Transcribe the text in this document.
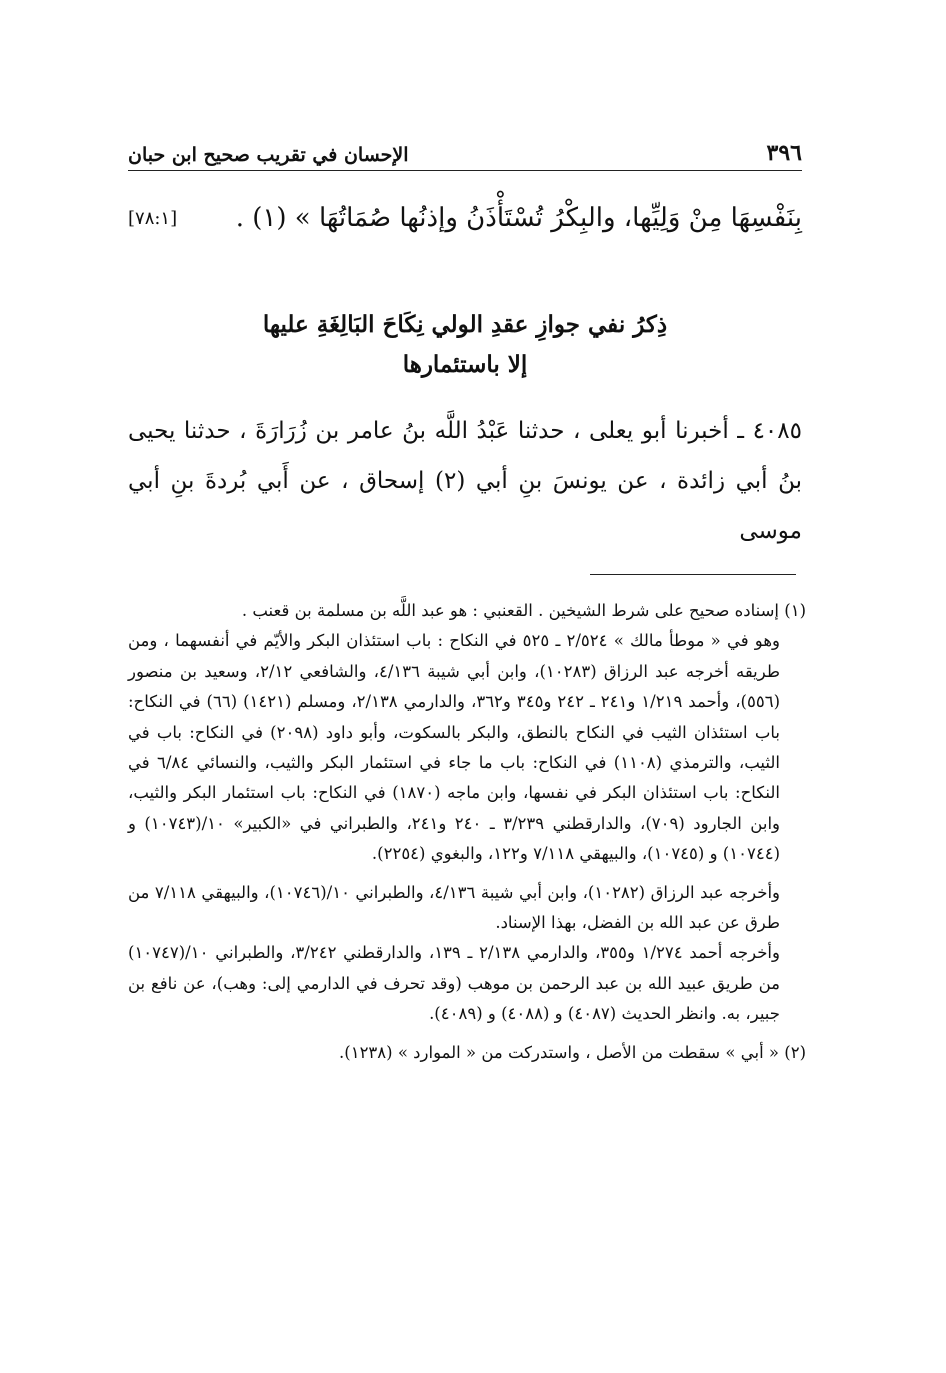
الإحسان في تقريب صحيح ابن حبان	٣٩٦
[٧٨:١] بِنَفْسِهَا مِنْ وَلِيِّها، والبِكْرُ تُسْتَأْذَنُ وإذنُها صُمَاتُهَا » (١) .
ذِكرُ نفي جوازِ عقدِ الولي نِكَاحَ البَالِغَةِ عليها
إلا باستئمارها

٤٠٨٥ ـ أخبرنا أبو يعلى ، حدثنا عَبْدُ اللَّه بنُ عامر بن زُرَارَةَ ، حدثنا يحيى بنُ أبي زائدة ، عن يونسَ بنِ أبي (٢) إسحاق ، عن أَبي بُردةَ بنِ أبي موسى

(١) إسناده صحيح على شرط الشيخين . القعنبي : هو عبد اللَّه بن مسلمة بن قعنب .

وهو في « موطأ مالك » ٢/٥٢٤ ـ ٥٢٥ في النكاح : باب استئذان البكر والأيّم في أنفسهما ، ومن طريقه أخرجه عبد الرزاق (١٠٢٨٣)، وابن أبي شيبة ٤/١٣٦، والشافعي ٢/١٢، وسعيد بن منصور (٥٥٦)، وأحمد ١/٢١٩ و٢٤١ ـ ٢٤٢ و٣٤٥ و٣٦٢، والدارمي ٢/١٣٨، ومسلم (١٤٢١) (٦٦) في النكاح: باب استئذان الثيب في النكاح بالنطق، والبكر بالسكوت، وأبو داود (٢٠٩٨) في النكاح: باب في الثيب، والترمذي (١١٠٨) في النكاح: باب ما جاء في استئمار البكر والثيب، والنسائي ٦/٨٤ في النكاح: باب استئذان البكر في نفسها، وابن ماجه (١٨٧٠) في النكاح: باب استئمار البكر والثيب، وابن الجارود (٧٠٩)، والدارقطني ٣/٢٣٩ ـ ٢٤٠ و٢٤١، والطبراني في «الكبير» ١٠/(١٠٧٤٣) و (١٠٧٤٤) و (١٠٧٤٥)، والبيهقي ٧/١١٨ و١٢٢، والبغوي (٢٢٥٤).

وأخرجه عبد الرزاق (١٠٢٨٢)، وابن أبي شيبة ٤/١٣٦، والطبراني ١٠/(١٠٧٤٦)، والبيهقي ٧/١١٨ من طرق عن عبد الله بن الفضل، بهذا الإسناد.

وأخرجه أحمد ١/٢٧٤ و٣٥٥، والدارمي ٢/١٣٨ ـ ١٣٩، والدارقطني ٣/٢٤٢، والطبراني ١٠/(١٠٧٤٧) من طريق عبيد الله بن عبد الرحمن بن موهب (وقد تحرف في الدارمي إلى: وهب)، عن نافع بن جبير، به. وانظر الحديث (٤٠٨٧) و (٤٠٨٨) و (٤٠٨٩).

(٢) « أبي » سقطت من الأصل ، واستدركت من « الموارد » (١٢٣٨).
